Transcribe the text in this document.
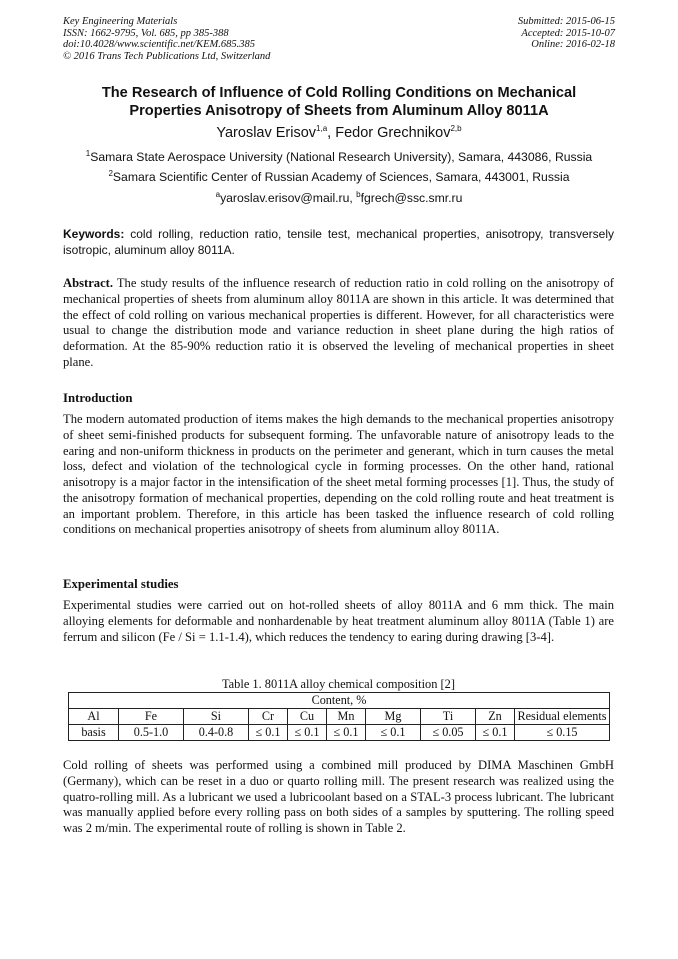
Key Engineering Materials
ISSN: 1662-9795, Vol. 685, pp 385-388
doi:10.4028/www.scientific.net/KEM.685.385
© 2016 Trans Tech Publications Ltd, Switzerland
Submitted: 2015-06-15
Accepted: 2015-10-07
Online: 2016-02-18
The Research of Influence of Cold Rolling Conditions on Mechanical
Properties Anisotropy of Sheets from Aluminum Alloy 8011A
Yaroslav Erisov$^{1,a}$, Fedor Grechnikov$^{2,b}$
$^1$Samara State Aerospace University (National Research University), Samara, 443086, Russia
$^2$Samara Scientific Center of Russian Academy of Sciences, Samara, 443001, Russia
$^a$yaroslav.erisov@mail.ru, $^b$fgrech@ssc.smr.ru
Keywords: cold rolling, reduction ratio, tensile test, mechanical properties, anisotropy, transversely isotropic, aluminum alloy 8011A.

Abstract. The study results of the influence research of reduction ratio in cold rolling on the anisotropy of mechanical properties of sheets from aluminum alloy 8011A are shown in this article. It was determined that the effect of cold rolling on various mechanical properties is different. However, for all characteristics were usual to change the distribution mode and variance reduction in sheet plane during the high ratios of deformation. At the 85-90% reduction ratio it is observed the leveling of mechanical properties in sheet plane.

Introduction

The modern automated production of items makes the high demands to the mechanical properties anisotropy of sheet semi-finished products for subsequent forming. The unfavorable nature of anisotropy leads to the earing and non-uniform thickness in products on the perimeter and generant, which in turn causes the metal loss, defect and violation of the technological cycle in forming processes. On the other hand, rational anisotropy is a major factor in the intensification of the sheet metal forming processes [1]. Thus, the study of the anisotropy formation of mechanical properties, depending on the cold rolling route and heat treatment is an important problem. Therefore, in this article has been tasked the influence research of cold rolling conditions on mechanical properties anisotropy of sheets from aluminum alloy 8011A.

Experimental studies

Experimental studies were carried out on hot-rolled sheets of alloy 8011A and 6 mm thick. The main alloying elements for deformable and nonhardenable by heat treatment aluminum alloy 8011A (Table 1) are ferrum and silicon (Fe / Si = 1.1-1.4), which reduces the tendency to earing during drawing [3-4].

Table 1. 8011A alloy chemical composition [2]
Content, %									
Al	Fe	Si	Cr	Cu	Mn	Mg	Ti	Zn	Residual elements
basis	0.5-1.0	0.4-0.8	≤ 0.1	≤ 0.1	≤ 0.1	≤ 0.1	≤ 0.05	≤ 0.1	≤ 0.15

Cold rolling of sheets was performed using a combined mill produced by DIMA Maschinen GmbH (Germany), which can be reset in a duo or quarto rolling mill. The present research was realized using the quatro-rolling mill. As a lubricant we used a lubricoolant based on a STAL-3 process lubricant. The lubricant was manually applied before every rolling pass on both sides of a samples by sputtering. The rolling speed was 2 m/min. The experimental route of rolling is shown in Table 2.
